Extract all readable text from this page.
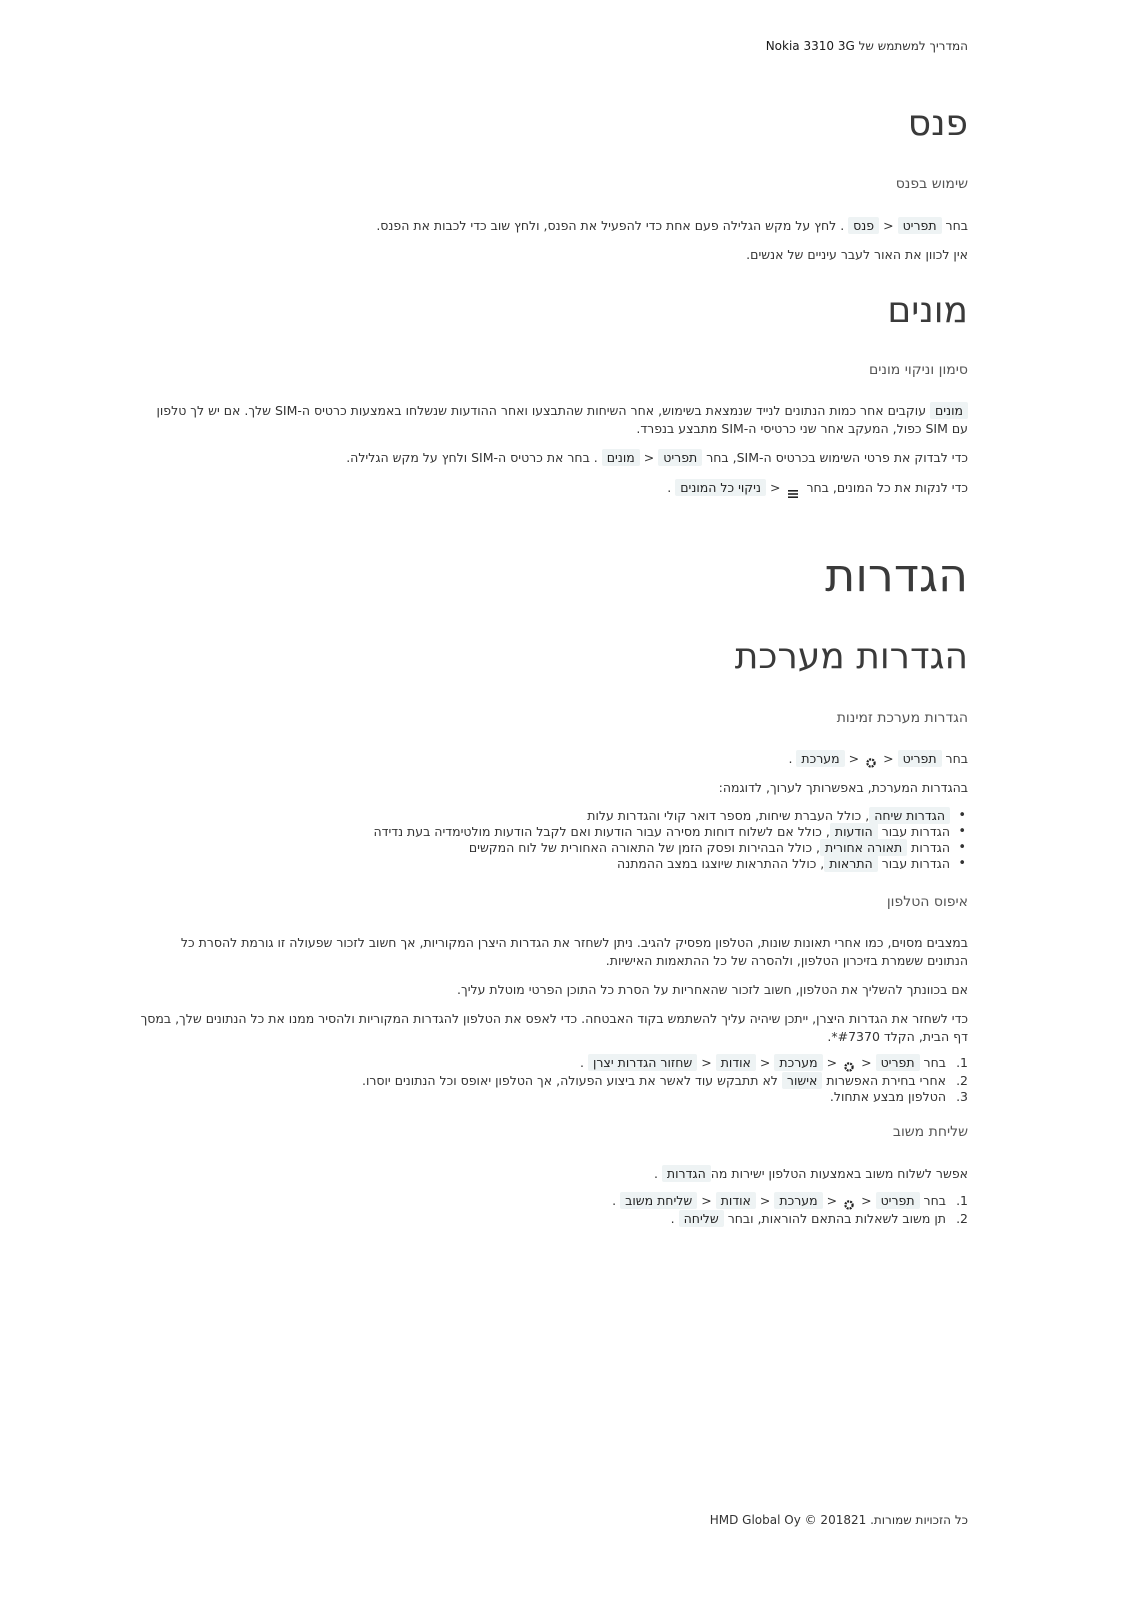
המדריך למשתמש של Nokia 3310 3G
פנס
שימוש בפנס
בחר תפריט<פנס . לחץ על מקש הגלילה פעם אחת כדי להפעיל את הפנס, ולחץ שוב כדי לכבות את הפנס.
אין לכוון את האור לעבר עיניים של אנשים.
מונים
סימון וניקוי מונים
מונים עוקבים אחר כמות הנתונים לנייד שנמצאת בשימוש, אחר השיחות שהתבצעו ואחר ההודעות שנשלחו באמצעות כרטיס ה-SIM שלך. אם יש לך טלפון
עם SIM כפול, המעקב אחר שני כרטיסי ה-SIM מתבצע בנפרד.
כדי לבדוק את פרטי השימוש בכרטיס ה-SIM, בחר תפריט<מונים . בחר את כרטיס ה-SIM ולחץ על מקש הגלילה.
כדי לנקות את כל המונים, בחר <ניקוי כל המונים .
הגדרות
הגדרות מערכת
הגדרות מערכת זמינות
בחר תפריט<<מערכת .
בהגדרות המערכת, באפשרותך לערוך, לדוגמה:
• הגדרות שיחה, כולל העברת שיחות, מספר דואר קולי והגדרות עלות
• הגדרות עבור הודעות, כולל אם לשלוח דוחות מסירה עבור הודעות ואם לקבל הודעות מולטימדיה בעת נדידה
• הגדרות תאורה אחורית, כולל הבהירות ופסק הזמן של התאורה האחורית של לוח המקשים
• הגדרות עבור התראות, כולל ההתראות שיוצגו במצב ההמתנה
איפוס הטלפון
במצבים מסוים, כמו אחרי תאונות שונות, הטלפון מפסיק להגיב. ניתן לשחזר את הגדרות היצרן המקוריות, אך חשוב לזכור שפעולה זו גורמת להסרת כל
הנתונים ששמרת בזיכרון הטלפון, ולהסרה של כל ההתאמות האישיות.
אם בכוונתך להשליך את הטלפון, חשוב לזכור שהאחריות על הסרת כל התוכן הפרטי מוטלת עליך.
כדי לשחזר את הגדרות היצרן, ייתכן שיהיה עליך להשתמש בקוד האבטחה. כדי לאפס את הטלפון להגדרות המקוריות ולהסיר ממנו את כל הנתונים שלך, במסך
דף הבית, הקלד #7370*.
1.
בחר תפריט<<מערכת<אודות<שחזור הגדרות יצרן .
2.
אחרי בחירת האפשרות אישור לא תתבקש עוד לאשר את ביצוע הפעולה, אך הטלפון יאופס וכל הנתונים יוסרו.
3.
הטלפון מבצע אתחול.
שליחת משוב
אפשר לשלוח משוב באמצעות הטלפון ישירות מההגדרות .
1.
בחר תפריט<<מערכת<אודות<שליחת משוב .
2.
תן משוב לשאלות בהתאם להוראות, ובחר שליחה .
כל הזכויות שמורות. HMD Global Oy © 201821
